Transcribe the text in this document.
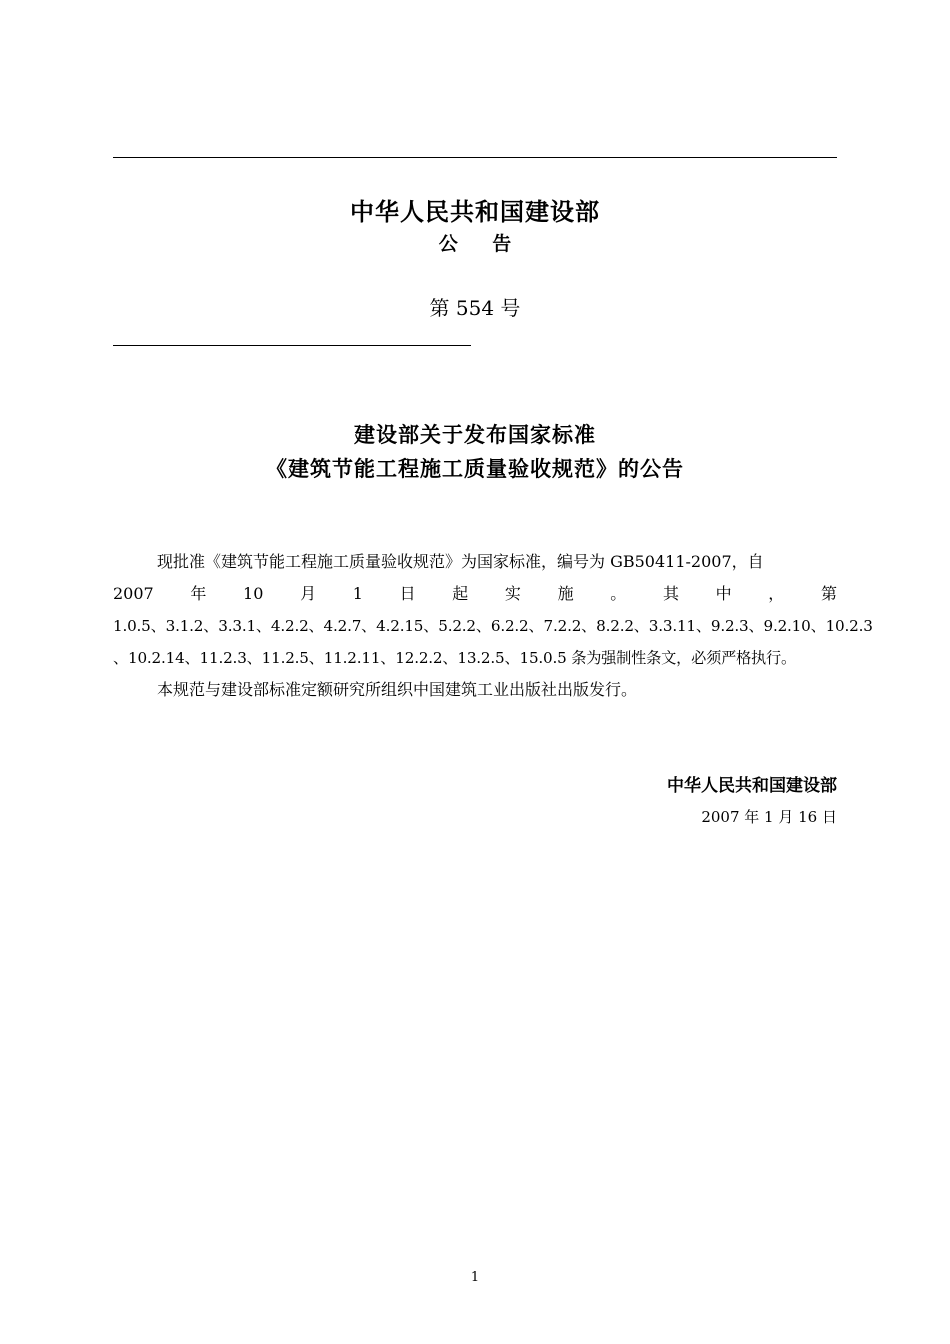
中华人民共和国建设部
公 告
第 554 号
建设部关于发布国家标准
《建筑节能工程施工质量验收规范》的公告
现批准《建筑节能工程施工质量验收规范》为国家标准，编号为 GB50411-2007，自
2007 年 10 月 1 日 起 实 施 。 其 中 ， 第
1.0.5、3.1.2、3.3.1、4.2.2、4.2.7、4.2.15、5.2.2、6.2.2、7.2.2、8.2.2、3.3.11、9.2.3、9.2.10、10.2.3
、10.2.14、11.2.3、11.2.5、11.2.11、12.2.2、13.2.5、15.0.5 条为强制性条文，必须严格执行。
本规范与建设部标准定额研究所组织中国建筑工业出版社出版发行。
中华人民共和国建设部
2007 年 1 月 16 日
1
